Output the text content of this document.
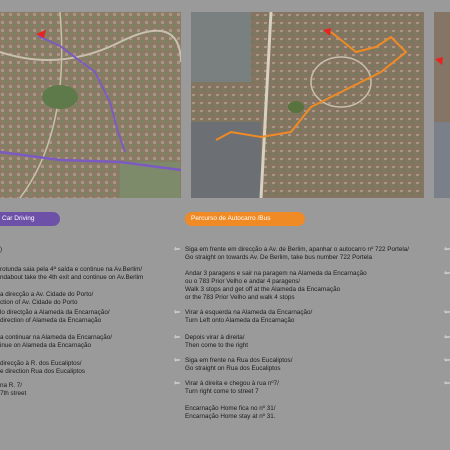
Car Driving	Percurso de Autocarro /Bus
)
rotunda saia pela 4ª saída e continue na Av.Berlim/
ndabout take the 4th exit and continue on Av.Berlim
a direcção a Av. Cidade do Porto/
ction of Av. Cidade do Porto
lo directção a Alameda da Encarnação/
direction of Alameda da Encarnação
a continuar na Alameda da Encarnação/
inue on Alameda da Encarnação
direcção à R. dos Eucaliptos/
e direction Rua dos Eucaliptos
na R. 7/
7th street
Siga em frente em direcção a Av. de Berlim, apanhar o autocarro nº 722 Portela/
Go straight on towards Av. De Berlim, take bus number 722 Portela
Andar 3 paragens e sair na paragem na Alameda da Encarnação
ou o 783 Prior Velho e andar 4 paragens/
Walk 3 stops and get off at the Alameda da Encarnação
or the 783 Prior Velho and walk 4 stops
Virar à esquerda na Alameda da Encarnação/
Turn Left onto Alameda da Encarnação
Depois virar à direita/
Then come to the right
Siga em frente na Rua dos Eucaliptos/
Go straight on Rua dos Eucaliptos
Virar à direita e chegou à rua nº7/
Turn right come to street 7
Encarnação Home fica no nº 31/
Encarnação Home stay at nº 31.
⇦
⇦
⇦
⇦
⇦
⇦
⇦
⇦
⇦
⇦
⇦
